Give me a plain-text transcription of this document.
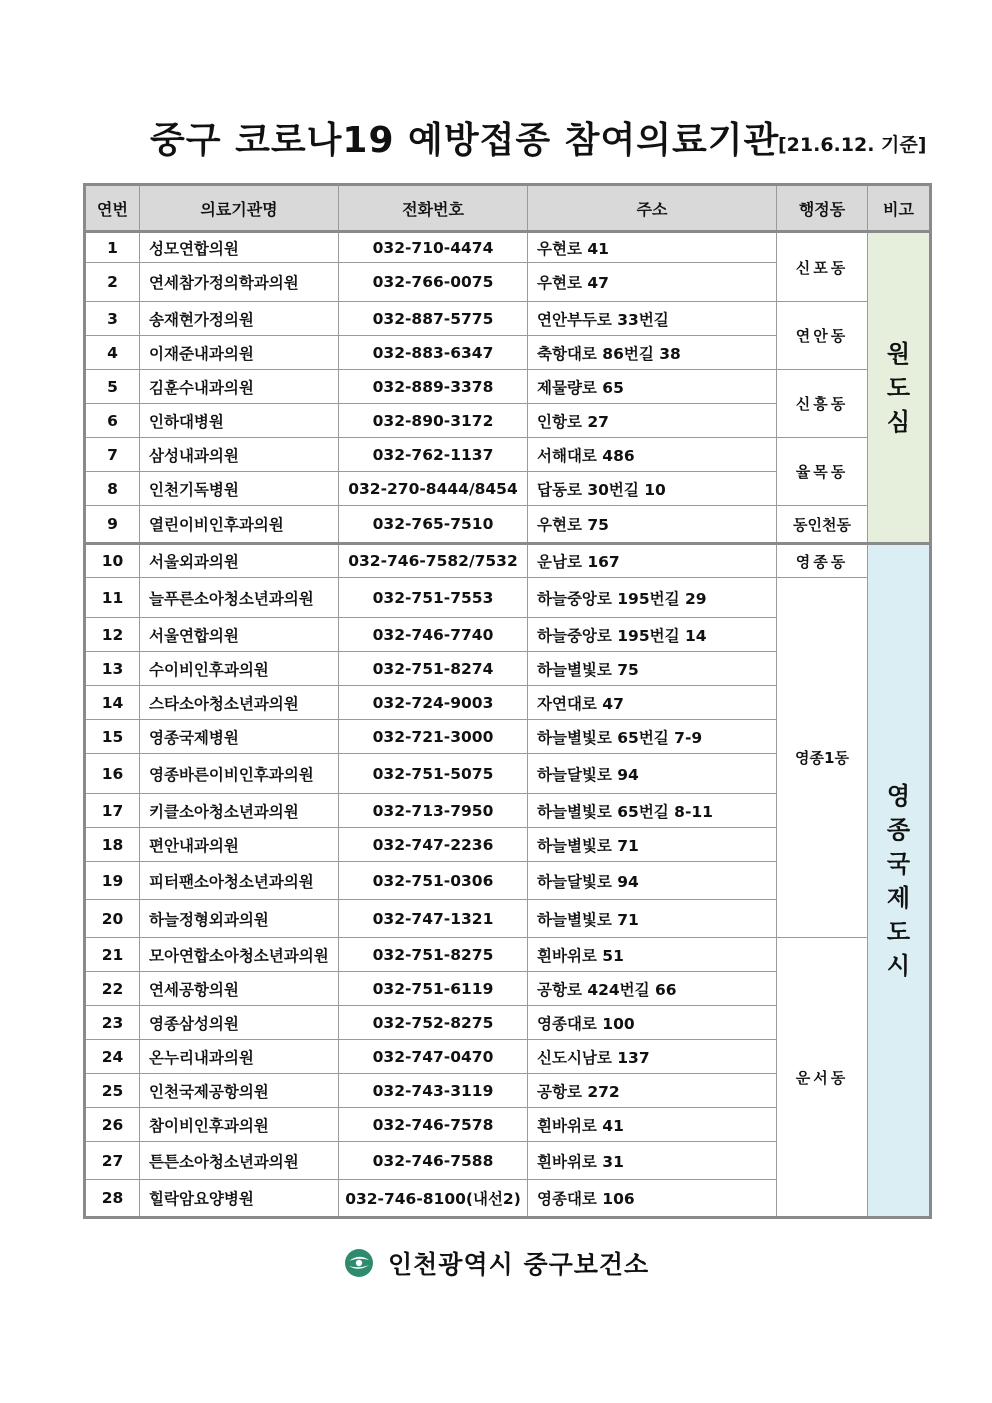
중구 코로나19 예방접종 참여의료기관
[21.6.12. 기준]
연번	의료기관명	전화번호	주소	행정동	비고
1	성모연합의원	032-710-4474	우현로 41	신포동	원도심

2	연세참가정의학과의원	032-766-0075	우현로 47		
3	송재현가정의원	032-887-5775	연안부두로 33번길	연안동	
4	이재준내과의원	032-883-6347	축항대로 86번길 38		
5	김훈수내과의원	032-889-3378	제물량로 65	신흥동	
6	인하대병원	032-890-3172	인항로 27		
7	삼성내과의원	032-762-1137	서해대로 486	율목동	
8	인천기독병원	032-270-8444/8454	답동로 30번길 10		
9	열린이비인후과의원	032-765-7510	우현로 75	동인천동	
10	서울외과의원	032-746-7582/7532	운남로 167	영종동	영종국제도시

11	늘푸른소아청소년과의원	032-751-7553	하늘중앙로 195번길 29	영종1동	
12	서울연합의원	032-746-7740	하늘중앙로 195번길 14		
13	수이비인후과의원	032-751-8274	하늘별빛로 75		
14	스타소아청소년과의원	032-724-9003	자연대로 47		
15	영종국제병원	032-721-3000	하늘별빛로 65번길 7-9		
16	영종바른이비인후과의원	032-751-5075	하늘달빛로 94		
17	키클소아청소년과의원	032-713-7950	하늘별빛로 65번길 8-11		
18	편안내과의원	032-747-2236	하늘별빛로 71		
19	피터팬소아청소년과의원	032-751-0306	하늘달빛로 94		
20	하늘정형외과의원	032-747-1321	하늘별빛로 71		
21	모아연합소아청소년과의원	032-751-8275	흰바위로 51	운서동	
22	연세공항의원	032-751-6119	공항로 424번길 66		
23	영종삼성의원	032-752-8275	영종대로 100		
24	온누리내과의원	032-747-0470	신도시남로 137		
25	인천국제공항의원	032-743-3119	공항로 272		
26	참이비인후과의원	032-746-7578	흰바위로 41		
27	튼튼소아청소년과의원	032-746-7588	흰바위로 31		
28	힐락암요양병원	032-746-8100(내선2)	영종대로 106		
인천광역시 중구보건소
